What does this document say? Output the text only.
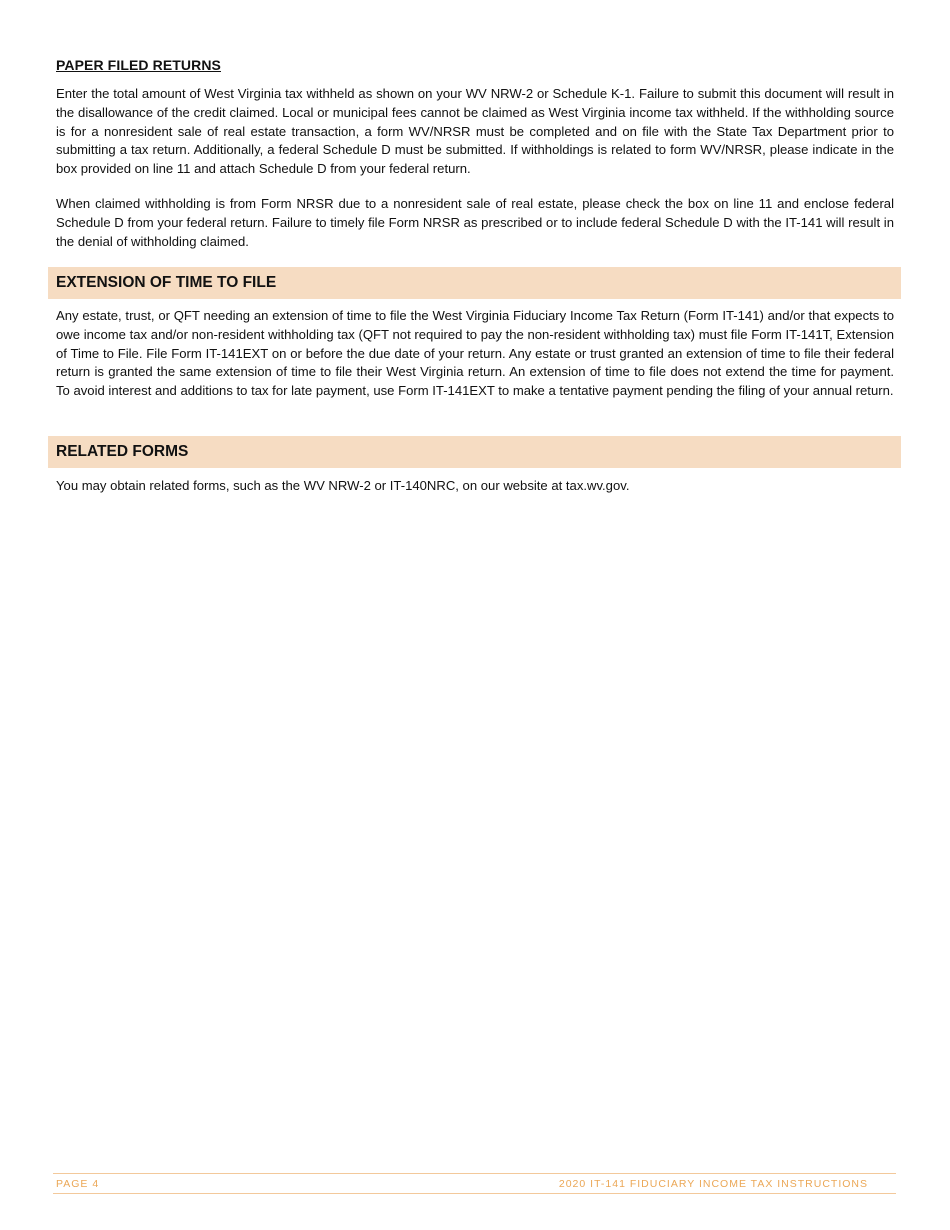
PAPER FILED RETURNS

Enter the total amount of West Virginia tax withheld as shown on your WV NRW-2 or Schedule K-1. Failure to submit this document will result in the disallowance of the credit claimed. Local or municipal fees cannot be claimed as West Virginia income tax withheld. If the withholding source is for a nonresident sale of real estate transaction, a form WV/NRSR must be completed and on file with the State Tax Department prior to submitting a tax return. Additionally, a federal Schedule D must be submitted. If withholdings is related to form WV/NRSR, please indicate in the box provided on line 11 and attach Schedule D from your federal return.

When claimed withholding is from Form NRSR due to a nonresident sale of real estate, please check the box on line 11 and enclose federal Schedule D from your federal return. Failure to timely file Form NRSR as prescribed or to include federal Schedule D with the IT-141 will result in the denial of withholding claimed.

EXTENSION OF TIME TO FILE

Any estate, trust, or QFT needing an extension of time to file the West Virginia Fiduciary Income Tax Return (Form IT-141) and/or that expects to owe income tax and/or non-resident withholding tax (QFT not required to pay the non-resident withholding tax) must file Form IT-141T, Extension of Time to File. File Form IT-141EXT on or before the due date of your return. Any estate or trust granted an extension of time to file their federal return is granted the same extension of time to file their West Virginia return. An extension of time to file does not extend the time for payment. To avoid interest and additions to tax for late payment, use Form IT-141EXT to make a tentative payment pending the filing of your annual return.

RELATED FORMS

You may obtain related forms, such as the WV NRW-2 or IT-140NRC, on our website at tax.wv.gov.

PAGE 4	2020 IT-141 FIDUCIARY INCOME TAX INSTRUCTIONS
